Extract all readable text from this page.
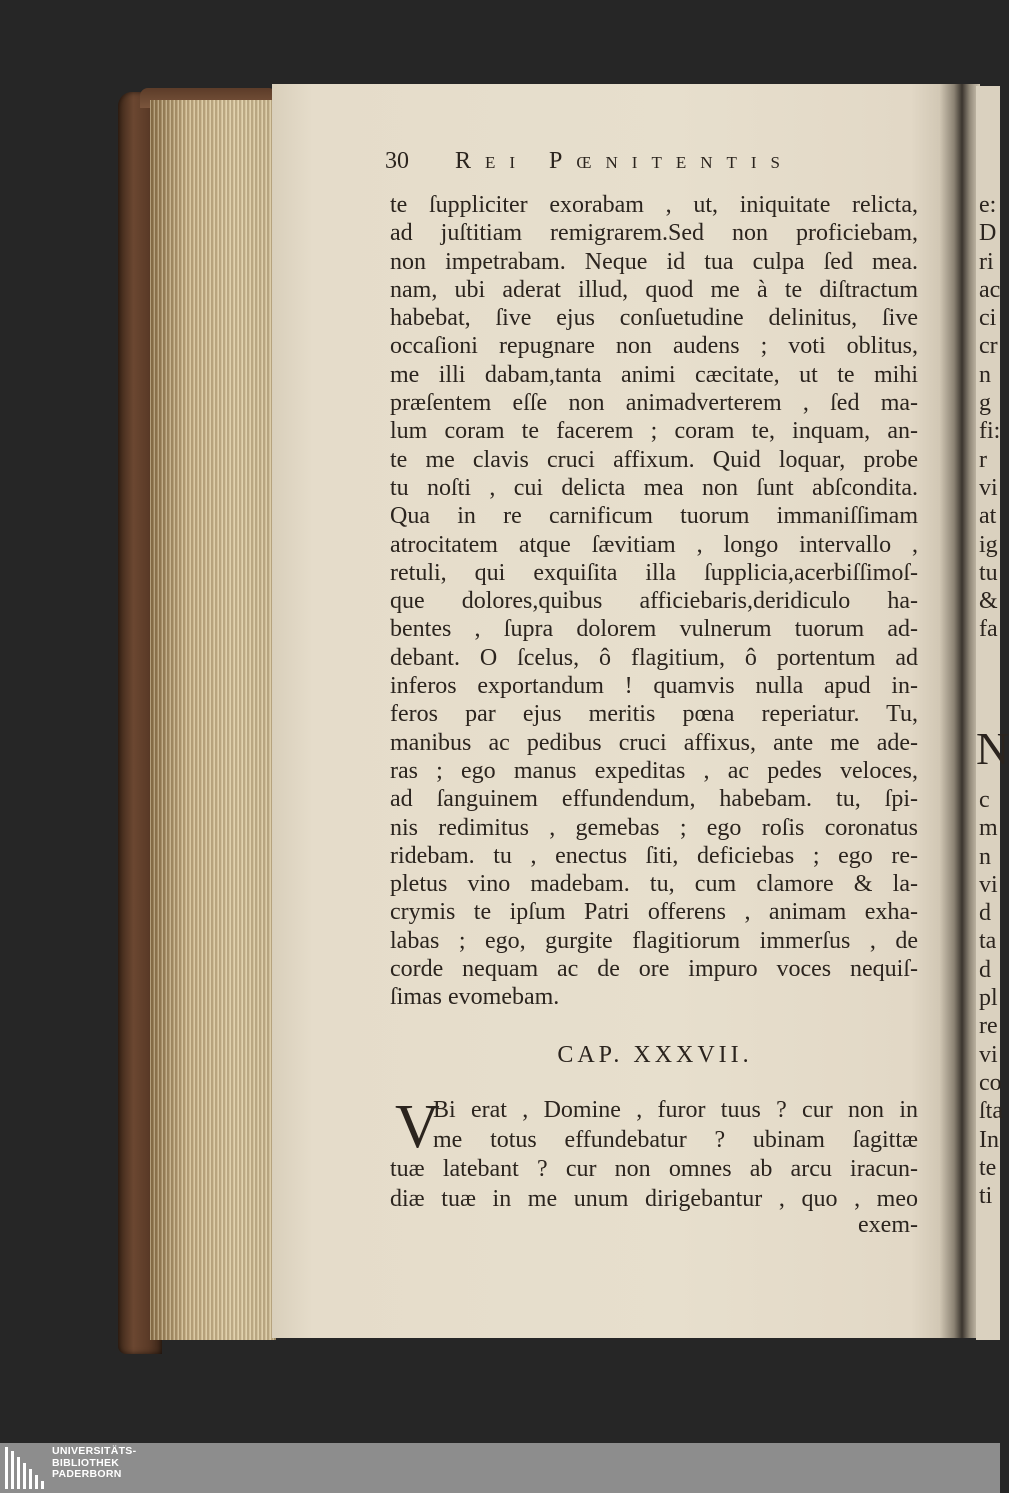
30 Rei Pœnitentis
te ſuppliciter exorabam , ut, iniquitate relicta,
ad juſtitiam remigrarem.Sed non proficiebam,
non impetrabam. Neque id tua culpa ſed mea.
nam, ubi aderat illud, quod me à te diſtractum
habebat, ſive ejus conſuetudine delinitus, ſive
occaſioni repugnare non audens ; voti oblitus,
me illi dabam,tanta animi cæcitate, ut te mihi
præſentem eſſe non animadverterem , ſed ma-
lum coram te facerem ; coram te, inquam, an-
te me clavis cruci affixum. Quid loquar, probe
tu noſti , cui delicta mea non ſunt abſcondita.
Qua in re carnificum tuorum immaniſſimam
atrocitatem atque ſævitiam , longo intervallo ,
retuli, qui exquiſita illa ſupplicia,acerbiſſimoſ-
que dolores,quibus afficiebaris,deridiculo ha-
bentes , ſupra dolorem vulnerum tuorum ad-
debant. O ſcelus, ô flagitium, ô portentum ad
inferos exportandum ! quamvis nulla apud in-
feros par ejus meritis pœna reperiatur. Tu,
manibus ac pedibus cruci affixus, ante me ade-
ras ; ego manus expeditas , ac pedes veloces,
ad ſanguinem effundendum, habebam. tu, ſpi-
nis redimitus , gemebas ; ego roſis coronatus
ridebam. tu , enectus ſiti, deficiebas ; ego re-
pletus vino madebam. tu, cum clamore & la-
crymis te ipſum Patri offerens , animam exha-
labas ; ego, gurgite flagitiorum immerſus , de
corde nequam ac de ore impuro voces nequiſ-
ſimas evomebam.
CAP. XXXVII.
V
Bi erat , Domine , furor tuus ? cur non in
me totus effundebatur ? ubinam ſagittæ
tuæ latebant ? cur non omnes ab arcu iracun-
diæ tuæ in me unum dirigebantur , quo , meo
exem-
e:
D
ri
ac
ci
cr
n
g
fi:
r
vi
at
ig
tu
&
fa
N
c
m
n
vi
d
ta
d
pl
re
vi
co
ſta
In
te
ti
UNIVERSITÄTS-
BIBLIOTHEK
PADERBORN
